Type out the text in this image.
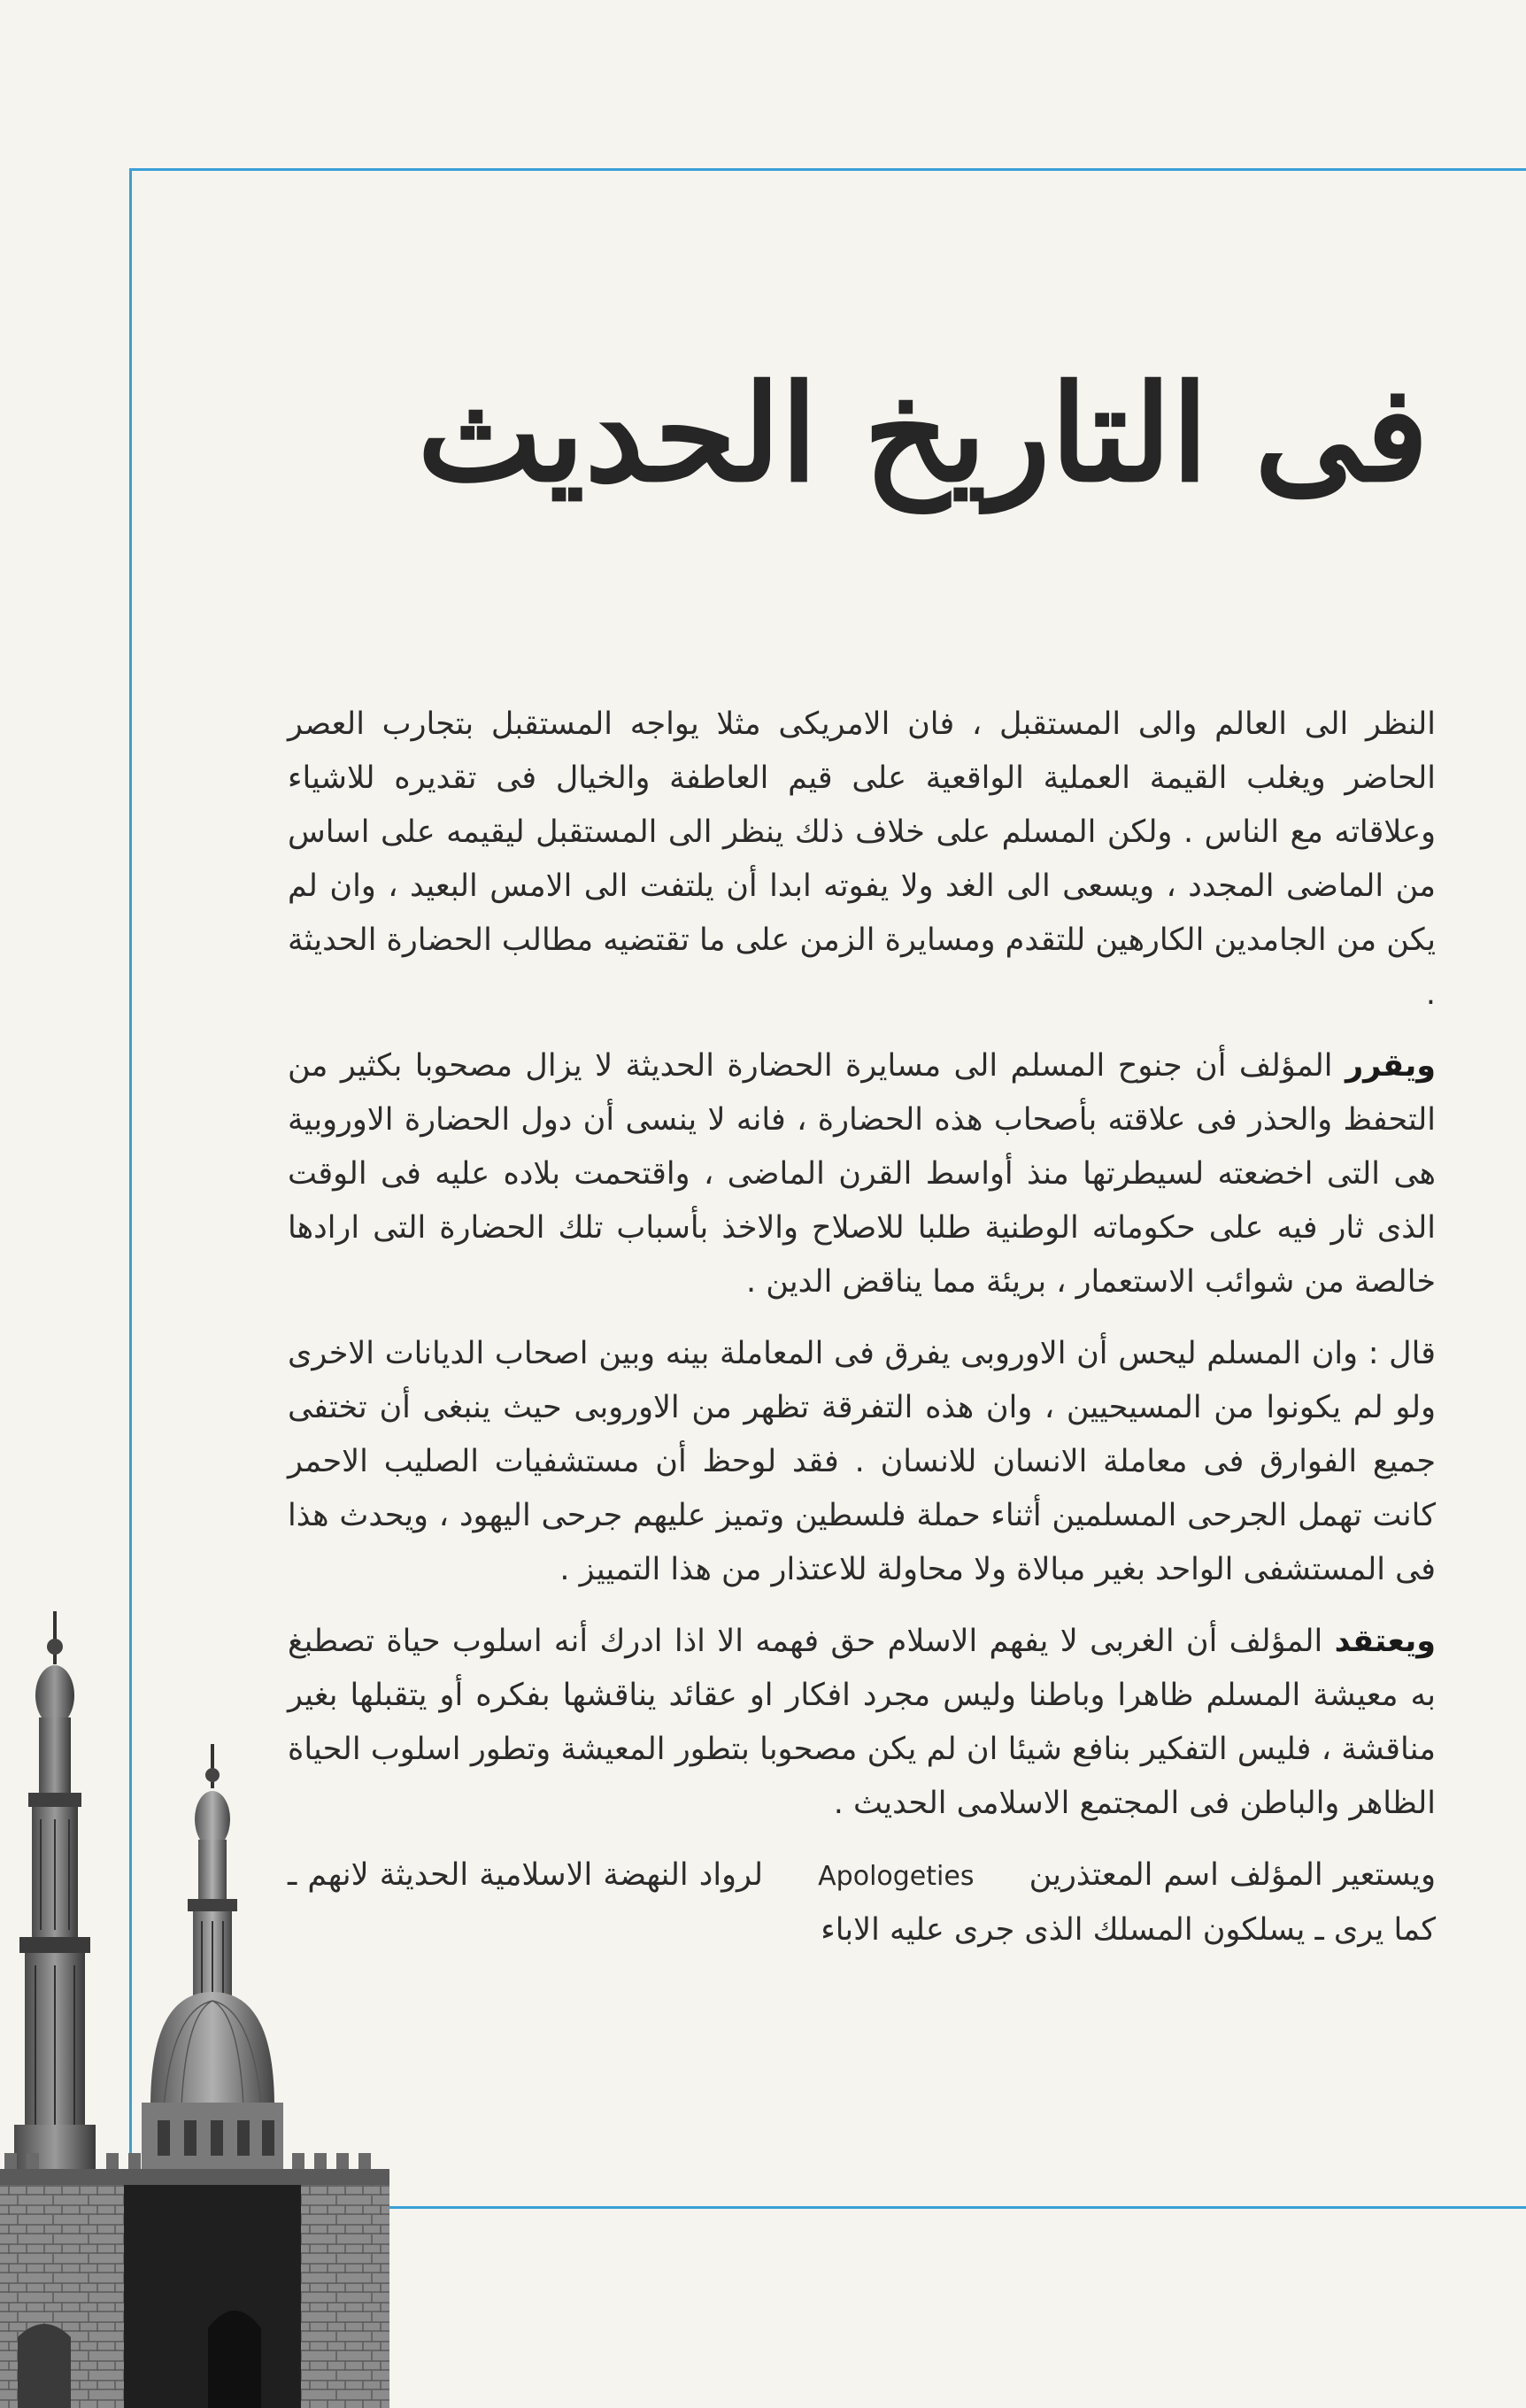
فى التاريخ الحديث

النظر الى العالم والى المستقبل ، فان الامريكى مثلا يواجه المستقبل بتجارب العصر الحاضر ويغلب القيمة العملية الواقعية على قيم العاطفة والخيال فى تقديره للاشياء وعلاقاته مع الناس . ولكن المسلم على خلاف ذلك ينظر الى المستقبل ليقيمه على اساس من الماضى المجدد ، ويسعى الى الغد ولا يفوته ابدا أن يلتفت الى الامس البعيد ، وان لم يكن من الجامدين الكارهين للتقدم ومسايرة الزمن على ما تقتضيه مطالب الحضارة الحديثة .

ويقرر المؤلف أن جنوح المسلم الى مسايرة الحضارة الحديثة لا يزال مصحوبا بكثير من التحفظ والحذر فى علاقته بأصحاب هذه الحضارة ، فانه لا ينسى أن دول الحضارة الاوروبية هى التى اخضعته لسيطرتها منذ أواسط القرن الماضى ، واقتحمت بلاده عليه فى الوقت الذى ثار فيه على حكوماته الوطنية طلبا للاصلاح والاخذ بأسباب تلك الحضارة التى ارادها خالصة من شوائب الاستعمار ، بريئة مما يناقض الدين .

قال : وان المسلم ليحس أن الاوروبى يفرق فى المعاملة بينه وبين اصحاب الديانات الاخرى ولو لم يكونوا من المسيحيين ، وان هذه التفرقة تظهر من الاوروبى حيث ينبغى أن تختفى جميع الفوارق فى معاملة الانسان للانسان . فقد لوحظ أن مستشفيات الصليب الاحمر كانت تهمل الجرحى المسلمين أثناء حملة فلسطين وتميز عليهم جرحى اليهود ، ويحدث هذا فى المستشفى الواحد بغير مبالاة ولا محاولة للاعتذار من هذا التمييز .

ويعتقد المؤلف أن الغربى لا يفهم الاسلام حق فهمه الا اذا ادرك أنه اسلوب حياة تصطبغ به معيشة المسلم ظاهرا وباطنا وليس مجرد افكار او عقائد يناقشها بفكره أو يتقبلها بغير مناقشة ، فليس التفكير بنافع شيئا ان لم يكن مصحوبا بتطور المعيشة وتطور اسلوب الحياة الظاهر والباطن فى المجتمع الاسلامى الحديث .

ويستعير المؤلف اسم المعتذرين Apologeties لرواد النهضة الاسلامية الحديثة لانهم ـ كما يرى ـ يسلكون المسلك الذى جرى عليه الاباء
